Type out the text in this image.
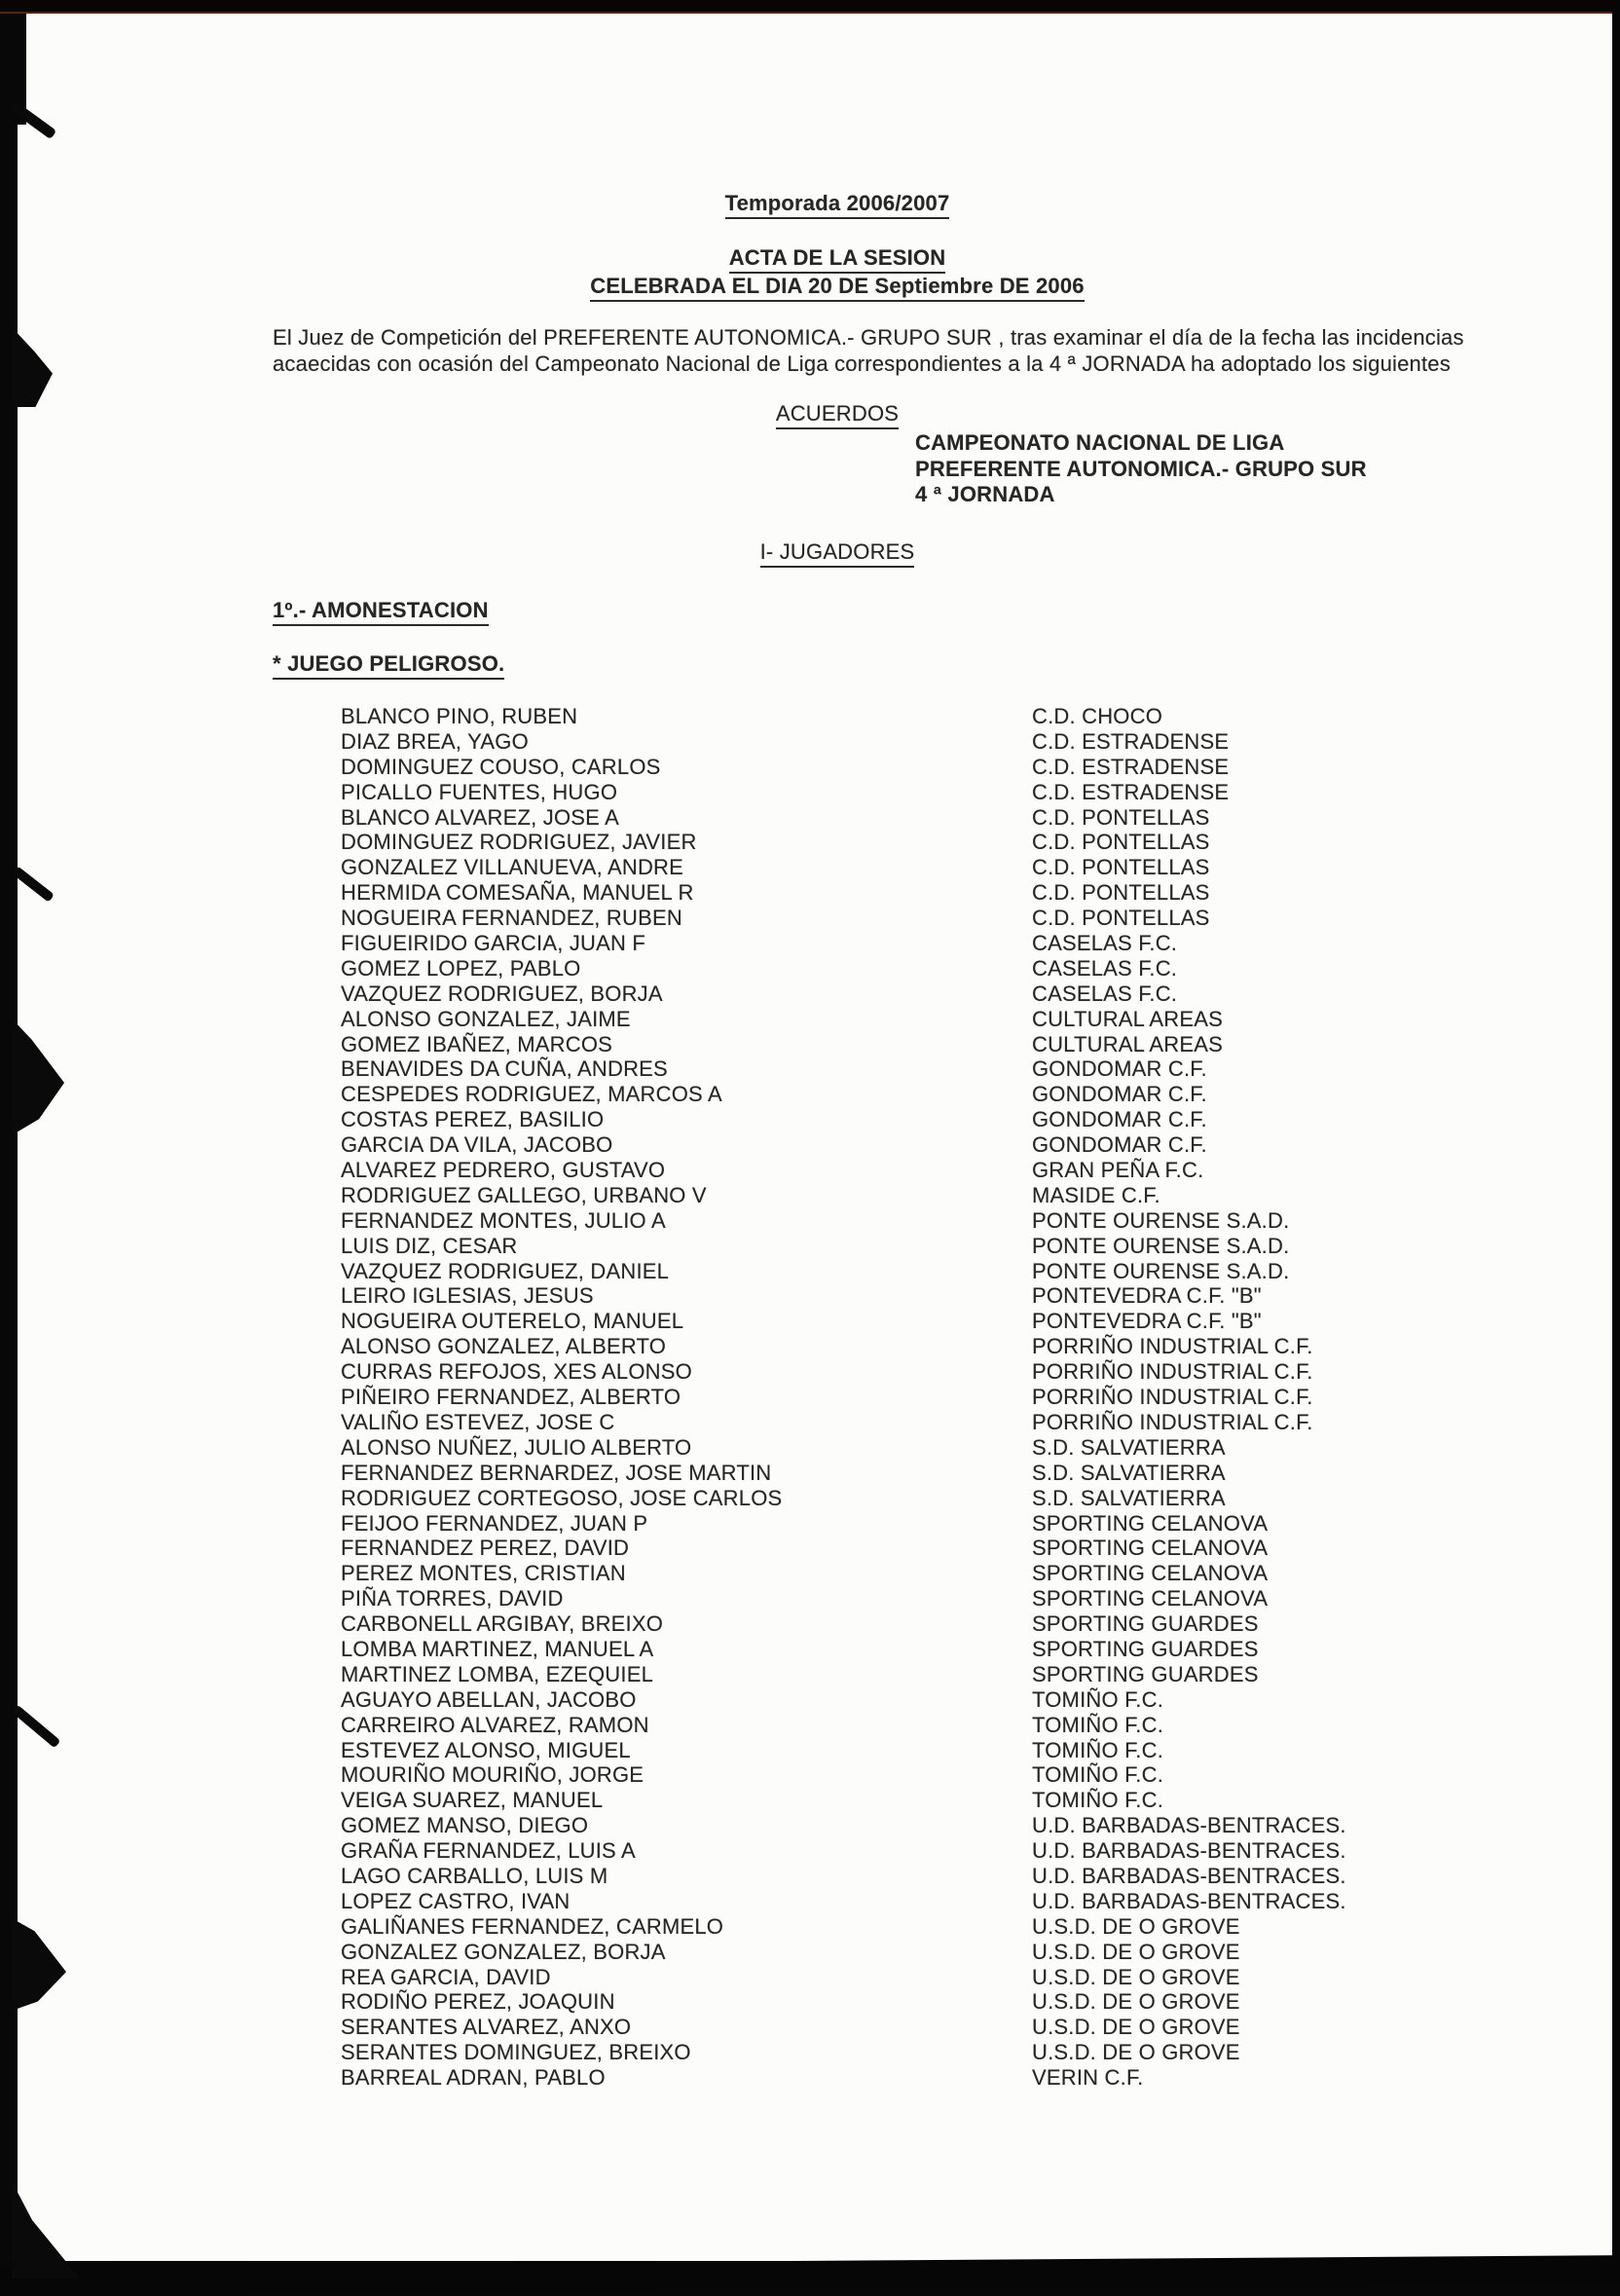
Temporada 2006/2007
ACTA DE LA SESION
CELEBRADA EL DIA 20 DE Septiembre DE 2006
El Juez de Competición del PREFERENTE AUTONOMICA.- GRUPO SUR , tras examinar el día de la fecha las incidencias acaecidas con ocasión del Campeonato Nacional de Liga correspondientes a la 4 ª JORNADA ha adoptado los siguientes
ACUERDOS
CAMPEONATO NACIONAL DE LIGA
PREFERENTE AUTONOMICA.- GRUPO SUR
4 ª JORNADA
I- JUGADORES
1º.- AMONESTACION
* JUEGO PELIGROSO.
BLANCO PINO, RUBEN	C.D. CHOCO
DIAZ BREA, YAGO	C.D. ESTRADENSE
DOMINGUEZ COUSO, CARLOS	C.D. ESTRADENSE
PICALLO FUENTES, HUGO	C.D. ESTRADENSE
BLANCO ALVAREZ, JOSE A	C.D. PONTELLAS
DOMINGUEZ RODRIGUEZ, JAVIER	C.D. PONTELLAS
GONZALEZ VILLANUEVA, ANDRE	C.D. PONTELLAS
HERMIDA COMESAÑA, MANUEL R	C.D. PONTELLAS
NOGUEIRA FERNANDEZ, RUBEN	C.D. PONTELLAS
FIGUEIRIDO GARCIA, JUAN F	CASELAS F.C.
GOMEZ LOPEZ, PABLO	CASELAS F.C.
VAZQUEZ RODRIGUEZ, BORJA	CASELAS F.C.
ALONSO GONZALEZ, JAIME	CULTURAL AREAS
GOMEZ IBAÑEZ, MARCOS	CULTURAL AREAS
BENAVIDES DA CUÑA, ANDRES	GONDOMAR C.F.
CESPEDES RODRIGUEZ, MARCOS A	GONDOMAR C.F.
COSTAS PEREZ, BASILIO	GONDOMAR C.F.
GARCIA DA VILA, JACOBO	GONDOMAR C.F.
ALVAREZ PEDRERO, GUSTAVO	GRAN PEÑA F.C.
RODRIGUEZ GALLEGO, URBANO V	MASIDE C.F.
FERNANDEZ MONTES, JULIO A	PONTE OURENSE S.A.D.
LUIS DIZ, CESAR	PONTE OURENSE S.A.D.
VAZQUEZ RODRIGUEZ, DANIEL	PONTE OURENSE S.A.D.
LEIRO IGLESIAS, JESUS	PONTEVEDRA C.F. "B"
NOGUEIRA OUTERELO, MANUEL	PONTEVEDRA C.F. "B"
ALONSO GONZALEZ, ALBERTO	PORRIÑO INDUSTRIAL C.F.
CURRAS REFOJOS, XES ALONSO	PORRIÑO INDUSTRIAL C.F.
PIÑEIRO FERNANDEZ, ALBERTO	PORRIÑO INDUSTRIAL C.F.
VALIÑO ESTEVEZ, JOSE C	PORRIÑO INDUSTRIAL C.F.
ALONSO NUÑEZ, JULIO ALBERTO	S.D. SALVATIERRA
FERNANDEZ BERNARDEZ, JOSE MARTIN	S.D. SALVATIERRA
RODRIGUEZ CORTEGOSO, JOSE CARLOS	S.D. SALVATIERRA
FEIJOO FERNANDEZ, JUAN P	SPORTING CELANOVA
FERNANDEZ PEREZ, DAVID	SPORTING CELANOVA
PEREZ MONTES, CRISTIAN	SPORTING CELANOVA
PIÑA TORRES, DAVID	SPORTING CELANOVA
CARBONELL ARGIBAY, BREIXO	SPORTING GUARDES
LOMBA MARTINEZ, MANUEL A	SPORTING GUARDES
MARTINEZ LOMBA, EZEQUIEL	SPORTING GUARDES
AGUAYO ABELLAN, JACOBO	TOMIÑO F.C.
CARREIRO ALVAREZ, RAMON	TOMIÑO F.C.
ESTEVEZ ALONSO, MIGUEL	TOMIÑO F.C.
MOURIÑO MOURIÑO, JORGE	TOMIÑO F.C.
VEIGA SUAREZ, MANUEL	TOMIÑO F.C.
GOMEZ MANSO, DIEGO	U.D. BARBADAS-BENTRACES.
GRAÑA FERNANDEZ, LUIS A	U.D. BARBADAS-BENTRACES.
LAGO CARBALLO, LUIS M	U.D. BARBADAS-BENTRACES.
LOPEZ CASTRO, IVAN	U.D. BARBADAS-BENTRACES.
GALIÑANES FERNANDEZ, CARMELO	U.S.D. DE O GROVE
GONZALEZ GONZALEZ, BORJA	U.S.D. DE O GROVE
REA GARCIA, DAVID	U.S.D. DE O GROVE
RODIÑO PEREZ, JOAQUIN	U.S.D. DE O GROVE
SERANTES ALVAREZ, ANXO	U.S.D. DE O GROVE
SERANTES DOMINGUEZ, BREIXO	U.S.D. DE O GROVE
BARREAL ADRAN, PABLO	VERIN C.F.
